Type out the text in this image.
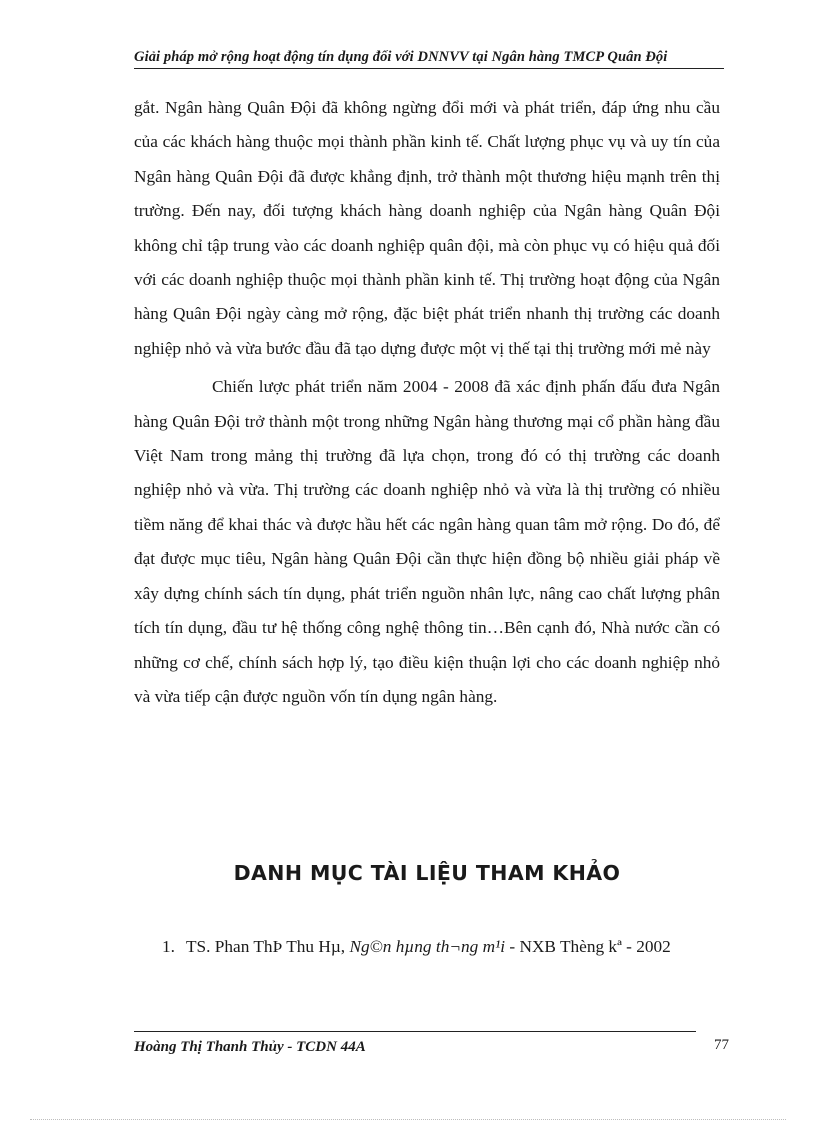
Giải pháp mở rộng hoạt động tín dụng đối với DNNVV tại Ngân hàng TMCP Quân Đội

gắt. Ngân hàng Quân Đội đã không ngừng đổi mới và phát triển, đáp ứng nhu cầu của các khách hàng thuộc mọi thành phần kinh tế. Chất lượng phục vụ và uy tín của Ngân hàng Quân Đội đã được khẳng định, trở thành một thương hiệu mạnh trên thị trường. Đến nay, đối tượng khách hàng doanh nghiệp của Ngân hàng Quân Đội không chỉ tập trung vào các doanh nghiệp quân đội, mà còn phục vụ có hiệu quả đối với các doanh nghiệp thuộc mọi thành phần kinh tế. Thị trường hoạt động của Ngân hàng Quân Đội ngày càng mở rộng, đặc biệt phát triển nhanh thị trường các doanh nghiệp nhỏ và vừa bước đầu đã tạo dựng được một vị thế tại thị trường mới mẻ này

Chiến lược phát triển năm 2004 - 2008 đã xác định phấn đấu đưa Ngân hàng Quân Đội trở thành một trong những Ngân hàng thương mại cổ phần hàng đầu Việt Nam trong mảng thị trường đã lựa chọn, trong đó có thị trường các doanh nghiệp nhỏ và vừa. Thị trường các doanh nghiệp nhỏ và vừa là thị trường có nhiều tiềm năng để khai thác và được hầu hết các ngân hàng quan tâm mở rộng. Do đó, để đạt được mục tiêu, Ngân hàng Quân Đội cần thực hiện đồng bộ nhiều giải pháp về xây dựng chính sách tín dụng, phát triển nguồn nhân lực, nâng cao chất lượng phân tích tín dụng, đầu tư hệ thống công nghệ thông tin…Bên cạnh đó, Nhà nước cần có những cơ chế, chính sách hợp lý, tạo điều kiện thuận lợi cho các doanh nghiệp nhỏ và vừa tiếp cận được nguồn vốn tín dụng ngân hàng.

DANH MỤC TÀI LIỆU THAM KHẢO
1. TS. Phan ThÞ Thu Hµ, Ng©n hµng th¬ng m¹i - NXB Thèng kª - 2002
Hoàng Thị Thanh Thủy - TCDN 44A	77
